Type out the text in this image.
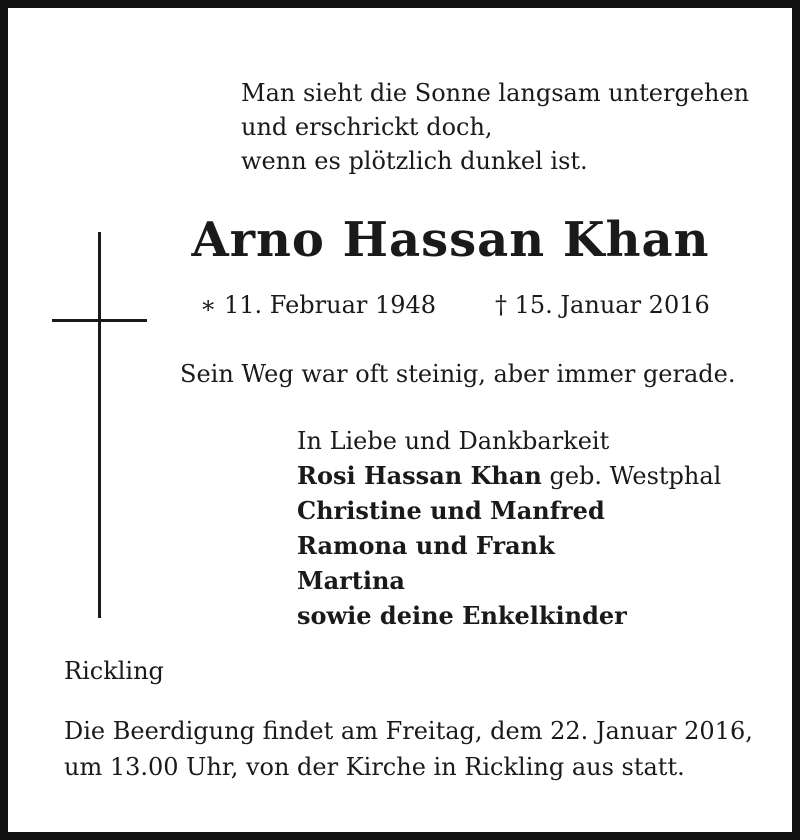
Man sieht die Sonne langsam untergehen
und erschrickt doch,
wenn es plötzlich dunkel ist.
Arno Hassan Khan
∗ 11. Februar 1948 † 15. Januar 2016
Sein Weg war oft steinig, aber immer gerade.
In Liebe und Dankbarkeit
Rosi Hassan Khan geb. Westphal
Christine und Manfred
Ramona und Frank
Martina
sowie deine Enkelkinder
Rickling
Die Beerdigung findet am Freitag, dem 22. Januar 2016,
um 13.00 Uhr, von der Kirche in Rickling aus statt.
